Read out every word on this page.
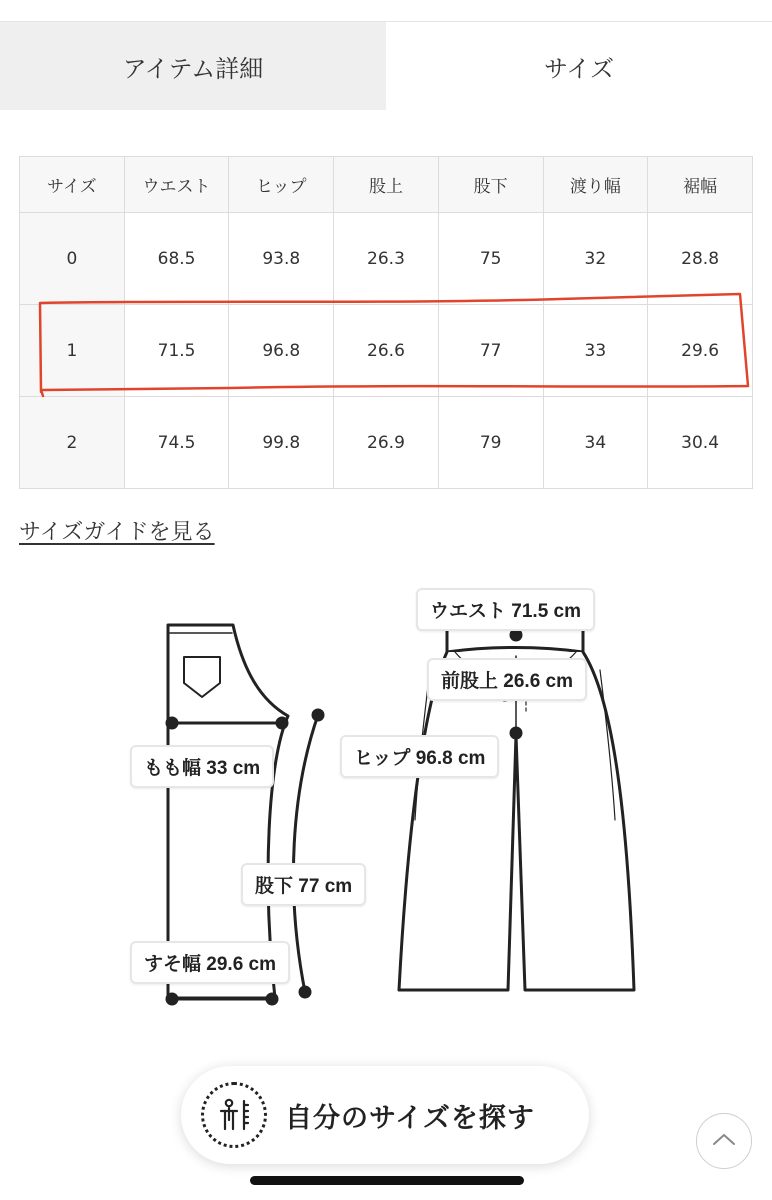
アイテム詳細	サイズ
サイズ	ウエスト	ヒップ	股上	股下	渡り幅	裾幅
0	68.5	93.8	26.3	75	32	28.8
1	71.5	96.8	26.6	77	33	29.6
2	74.5	99.8	26.9	79	34	30.4
サイズガイドを見る
ウエスト 71.5 cm
前股上 26.6 cm
ヒップ 96.8 cm
もも幅 33 cm
股下 77 cm
すそ幅 29.6 cm
自分のサイズを探す
